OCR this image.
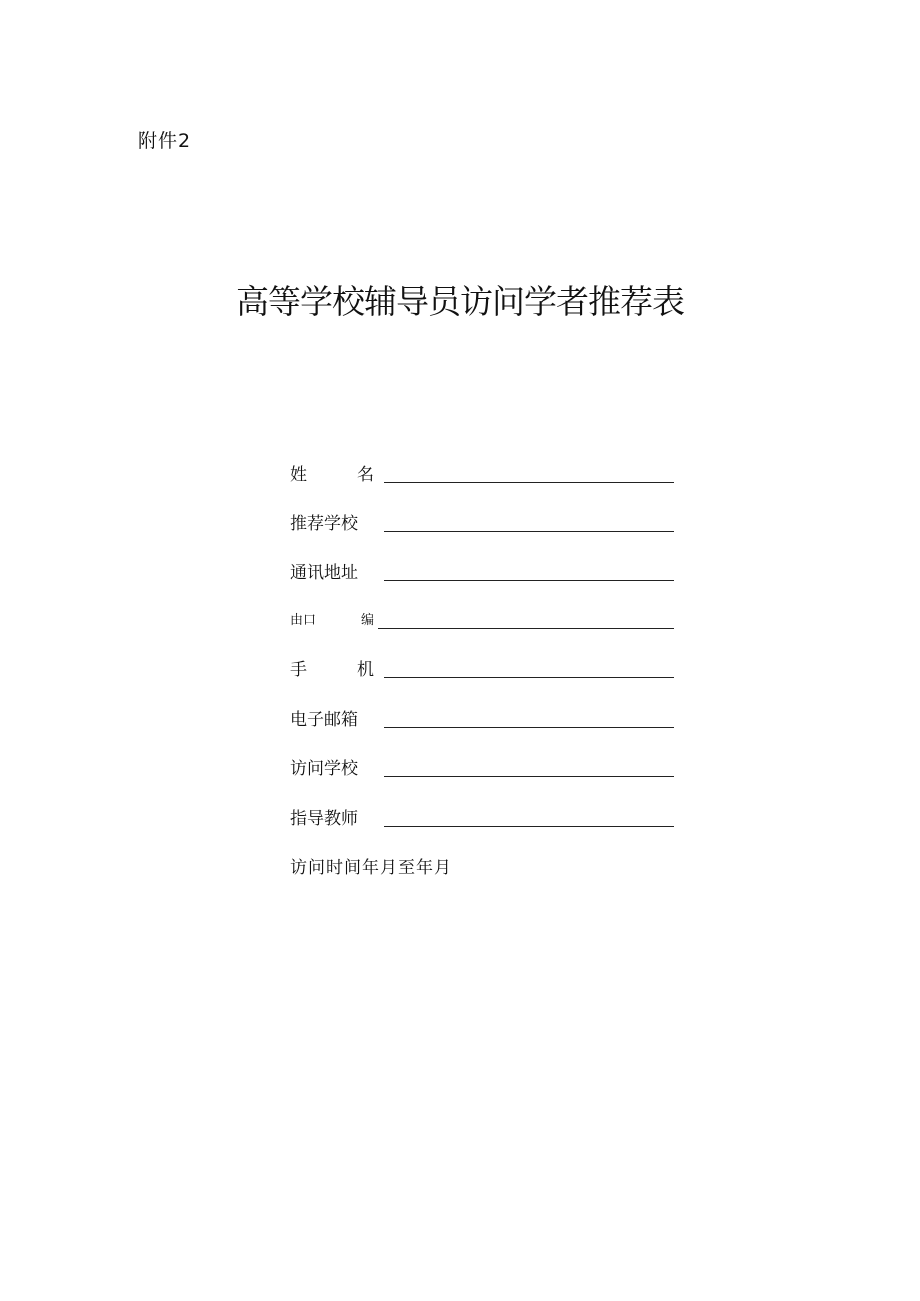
附件2
高等学校辅导员访问学者推荐表
姓	名
推荐学校
通讯地址
由口	编
手	机
电子邮箱
访问学校
指导教师
访问时间年月至年月
